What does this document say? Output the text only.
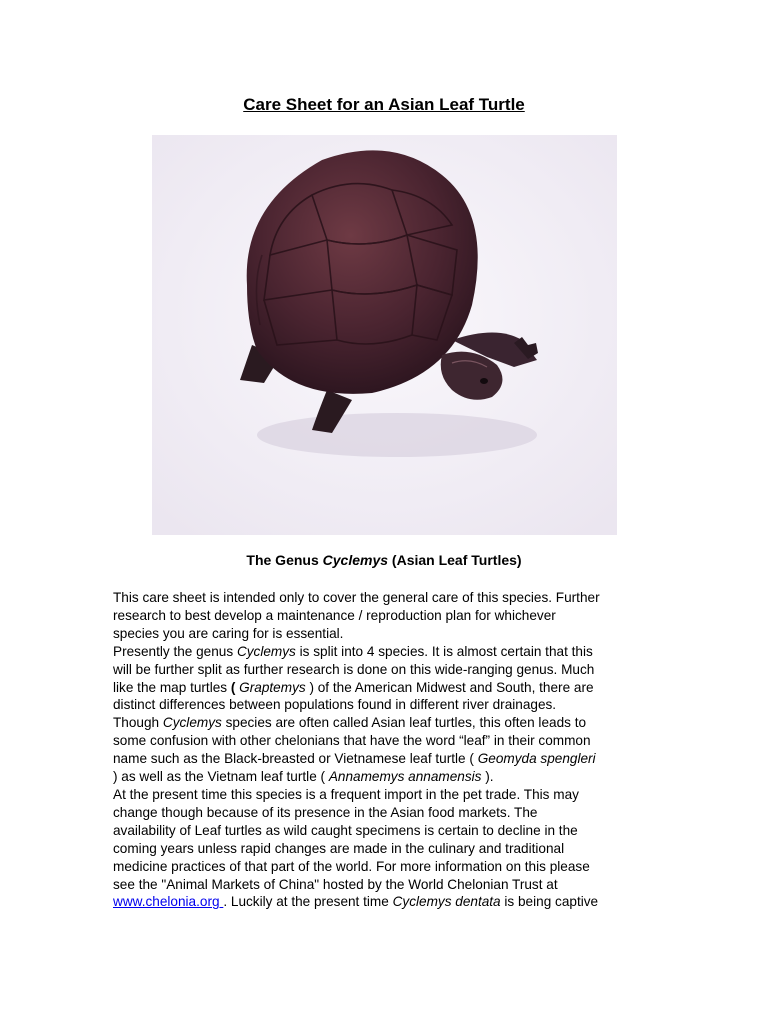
Care Sheet for an Asian Leaf Turtle
The Genus Cyclemys (Asian Leaf Turtles)

This care sheet is intended only to cover the general care of this species. Further

research to best develop a maintenance / reproduction plan for whichever

species you are caring for is essential.

Presently the genus Cyclemys is split into 4 species. It is almost certain that this

will be further split as further research is done on this wide-ranging genus. Much

like the map turtles ( Graptemys ) of the American Midwest and South, there are

distinct differences between populations found in different river drainages.

Though Cyclemys species are often called Asian leaf turtles, this often leads to

some confusion with other chelonians that have the word “leaf” in their common

name such as the Black-breasted or Vietnamese leaf turtle ( Geomyda spengleri

) as well as the Vietnam leaf turtle ( Annamemys annamensis ).

At the present time this species is a frequent import in the pet trade. This may

change though because of its presence in the Asian food markets. The

availability of Leaf turtles as wild caught specimens is certain to decline in the

coming years unless rapid changes are made in the culinary and traditional

medicine practices of that part of the world. For more information on this please

see the "Animal Markets of China" hosted by the World Chelonian Trust at

www.chelonia.org . Luckily at the present time Cyclemys dentata is being captive
